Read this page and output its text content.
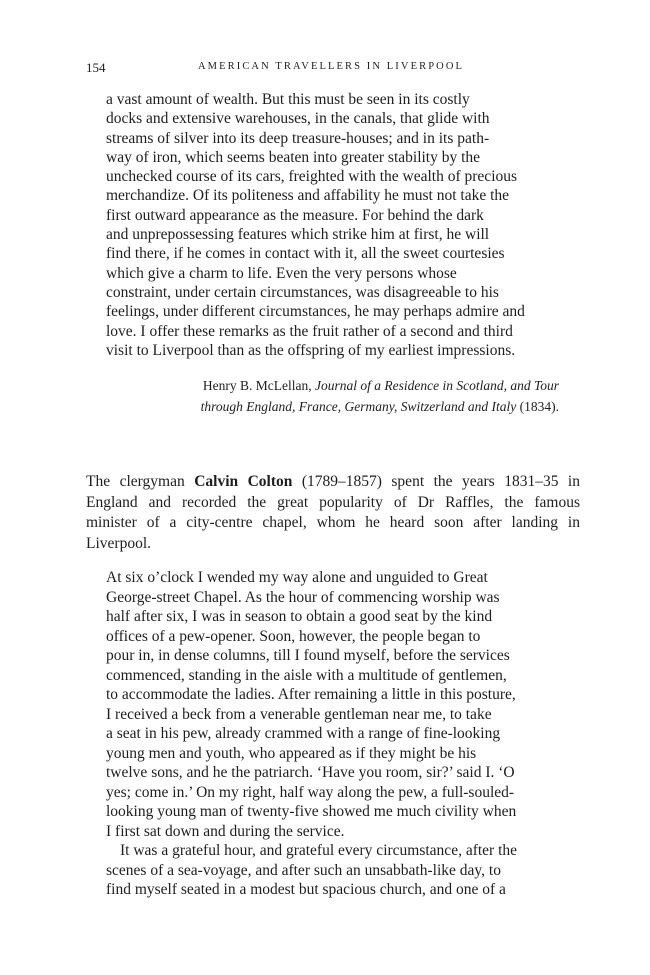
154	AMERICAN TRAVELLERS IN LIVERPOOL
a vast amount of wealth. But this must be seen in its costly
docks and extensive warehouses, in the canals, that glide with
streams of silver into its deep treasure-houses; and in its path-
way of iron, which seems beaten into greater stability by the
unchecked course of its cars, freighted with the wealth of precious
merchandize. Of its politeness and affability he must not take the
first outward appearance as the measure. For behind the dark
and unprepossessing features which strike him at first, he will
find there, if he comes in contact with it, all the sweet courtesies
which give a charm to life. Even the very persons whose
constraint, under certain circumstances, was disagreeable to his
feelings, under different circumstances, he may perhaps admire and
love. I offer these remarks as the fruit rather of a second and third
visit to Liverpool than as the offspring of my earliest impressions.
Henry B. McLellan, Journal of a Residence in Scotland, and Tour
through England, France, Germany, Switzerland and Italy (1834).
The clergyman Calvin Colton (1789–1857) spent the years 1831–35 in
England and recorded the great popularity of Dr Raffles, the famous
minister of a city-centre chapel, whom he heard soon after landing in
Liverpool.
At six o’clock I wended my way alone and unguided to Great
George-street Chapel. As the hour of commencing worship was
half after six, I was in season to obtain a good seat by the kind
offices of a pew-opener. Soon, however, the people began to
pour in, in dense columns, till I found myself, before the services
commenced, standing in the aisle with a multitude of gentlemen,
to accommodate the ladies. After remaining a little in this posture,
I received a beck from a venerable gentleman near me, to take
a seat in his pew, already crammed with a range of fine-looking
young men and youth, who appeared as if they might be his
twelve sons, and he the patriarch. ‘Have you room, sir?’ said I. ‘O
yes; come in.’ On my right, half way along the pew, a full-souled-
looking young man of twenty-five showed me much civility when
I first sat down and during the service.
It was a grateful hour, and grateful every circumstance, after the
scenes of a sea-voyage, and after such an unsabbath-like day, to
find myself seated in a modest but spacious church, and one of a
